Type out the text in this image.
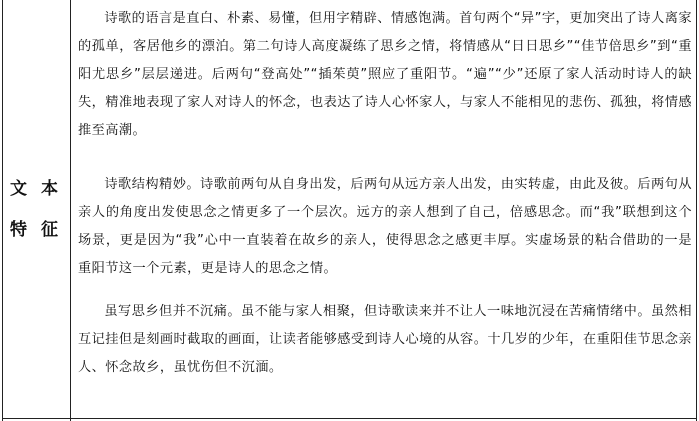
文 本
特 征

诗歌的语言是直白、朴素、易懂，但用字精辟、情感饱满。首句两个“异”字，更加突出了诗人离家的孤单，客居他乡的漂泊。第二句诗人高度凝练了思乡之情，将情感从“日日思乡”“佳节倍思乡”到“重阳尤思乡”层层递进。后两句“登高处”“插茱萸”照应了重阳节。“遍”“少”还原了家人活动时诗人的缺失，精准地表现了家人对诗人的怀念，也表达了诗人心怀家人，与家人不能相见的悲伤、孤独，将情感推至高潮。

诗歌结构精妙。诗歌前两句从自身出发，后两句从远方亲人出发，由实转虚，由此及彼。后两句从亲人的角度出发使思念之情更多了一个层次。远方的亲人想到了自己，倍感思念。而“我”联想到这个场景，更是因为“我”心中一直装着在故乡的亲人，使得思念之感更丰厚。实虚场景的粘合借助的一是重阳节这一个元素，更是诗人的思念之情。

虽写思乡但并不沉痛。虽不能与家人相聚，但诗歌读来并不让人一味地沉浸在苦痛情绪中。虽然相互记挂但是刻画时截取的画面，让读者能够感受到诗人心境的从容。十几岁的少年，在重阳佳节思念亲人、怀念故乡，虽忧伤但不沉湎。
